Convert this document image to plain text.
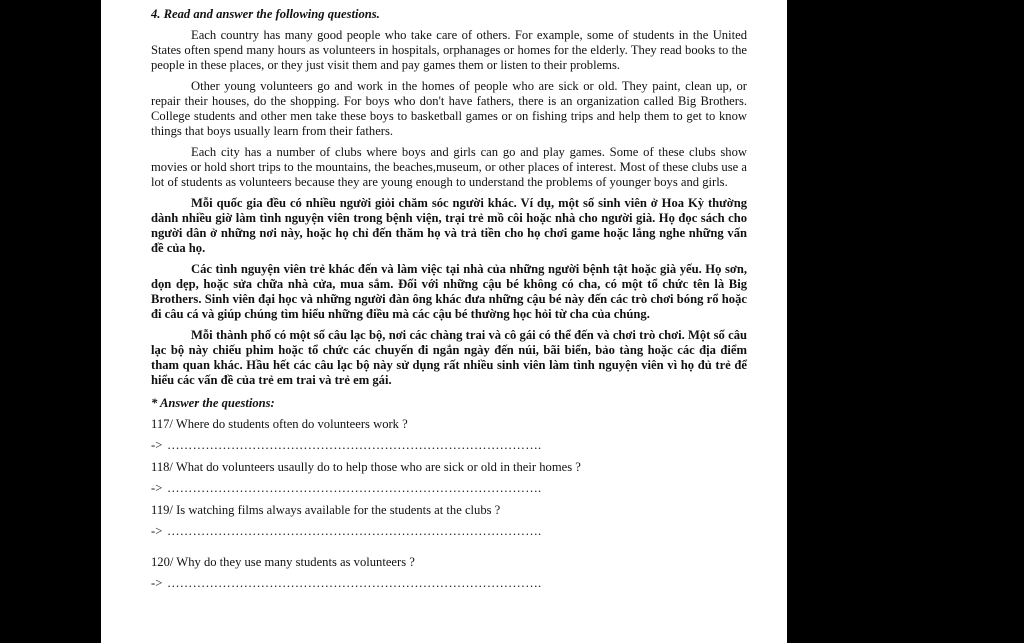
4. Read and answer the following questions.

Each country has many good people who take care of others. For example, some of students in the United States often spend many hours as volunteers in hospitals, orphanages or homes for the elderly. They read books to the people in these places, or they just visit them and pay games them or listen to their problems.

Other young volunteers go and work in the homes of people who are sick or old. They paint, clean up, or repair their houses, do the shopping. For boys who don't have fathers, there is an organization called Big Brothers. College students and other men take these boys to basketball games or on fishing trips and help them to get to know things that boys usually learn from their fathers.

Each city has a number of clubs where boys and girls can go and play games. Some of these clubs show movies or hold short trips to the mountains, the beaches,museum, or other places of interest. Most of these clubs use a lot of students as volunteers because they are young enough to understand the problems of younger boys and girls.

Mỗi quốc gia đều có nhiều người giỏi chăm sóc người khác. Ví dụ, một số sinh viên ở Hoa Kỳ thường dành nhiều giờ làm tình nguyện viên trong bệnh viện, trại trẻ mồ côi hoặc nhà cho người già. Họ đọc sách cho người dân ở những nơi này, hoặc họ chỉ đến thăm họ và trả tiền cho họ chơi game hoặc lắng nghe những vấn đề của họ.

Các tình nguyện viên trẻ khác đến và làm việc tại nhà của những người bệnh tật hoặc già yếu. Họ sơn, dọn dẹp, hoặc sửa chữa nhà cửa, mua sắm. Đối với những cậu bé không có cha, có một tổ chức tên là Big Brothers. Sinh viên đại học và những người đàn ông khác đưa những cậu bé này đến các trò chơi bóng rổ hoặc đi câu cá và giúp chúng tìm hiểu những điều mà các cậu bé thường học hỏi từ cha của chúng.

Mỗi thành phố có một số câu lạc bộ, nơi các chàng trai và cô gái có thể đến và chơi trò chơi. Một số câu lạc bộ này chiếu phim hoặc tổ chức các chuyến đi ngắn ngày đến núi, bãi biển, bảo tàng hoặc các địa điểm tham quan khác. Hầu hết các câu lạc bộ này sử dụng rất nhiều sinh viên làm tình nguyện viên vì họ đủ trẻ để hiểu các vấn đề của trẻ em trai và trẻ em gái.

* Answer the questions:

117/ Where do students often do volunteers work ?

-> …………………………………………………………………………….

118/ What do volunteers usaully do to help those who are sick or old in their homes ?

-> …………………………………………………………………………….

119/ Is watching films always available for the students at the clubs ?

-> …………………………………………………………………………….

120/ Why do they use many students as volunteers ?

-> …………………………………………………………………………….
